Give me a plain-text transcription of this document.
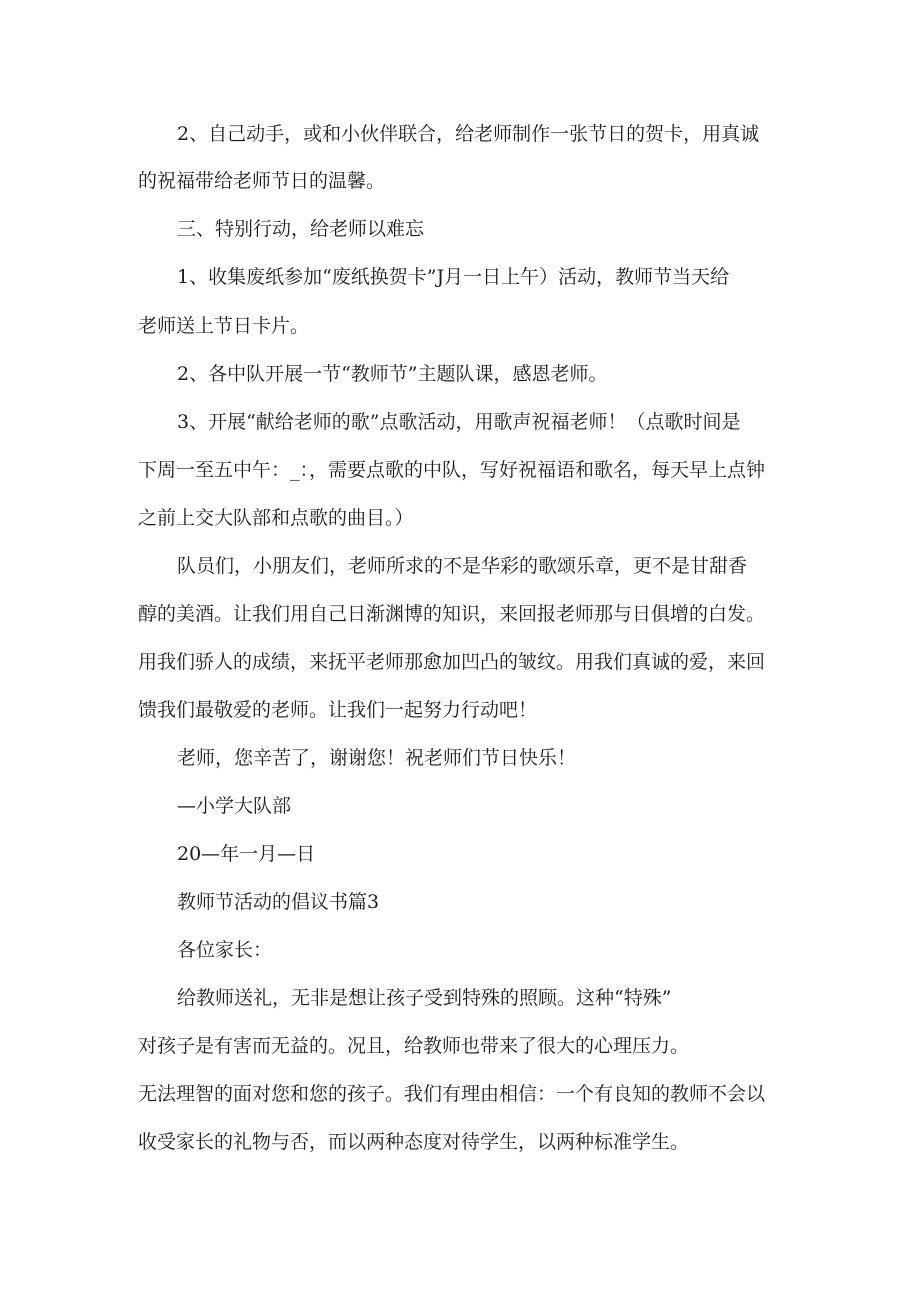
2、自己动手，或和小伙伴联合，给老师制作一张节日的贺卡，用真诚
的祝福带给老师节日的温馨。
三、特别行动，给老师以难忘
1、收集废纸参加“废纸换贺卡”J月一日上午）活动，教师节当天给
老师送上节日卡片。
2、各中队开展一节“教师节”主题队课，感恩老师。
3、开展“献给老师的歌”点歌活动，用歌声祝福老师！（点歌时间是
下周一至五中午：_：，需要点歌的中队，写好祝福语和歌名，每天早上点钟
之前上交大队部和点歌的曲目。）
队员们，小朋友们，老师所求的不是华彩的歌颂乐章，更不是甘甜香
醇的美酒。让我们用自己日渐渊博的知识，来回报老师那与日俱增的白发。
用我们骄人的成绩，来抚平老师那愈加凹凸的皱纹。用我们真诚的爱，来回
馈我们最敬爱的老师。让我们一起努力行动吧！
老师，您辛苦了，谢谢您！祝老师们节日快乐！
—小学大队部
20—年一月—日
教师节活动的倡议书篇3
各位家长：
给教师送礼，无非是想让孩子受到特殊的照顾。这种“特殊”
对孩子是有害而无益的。况且，给教师也带来了很大的心理压力。
无法理智的面对您和您的孩子。我们有理由相信：一个有良知的教师不会以
收受家长的礼物与否，而以两种态度对待学生，以两种标准学生。
